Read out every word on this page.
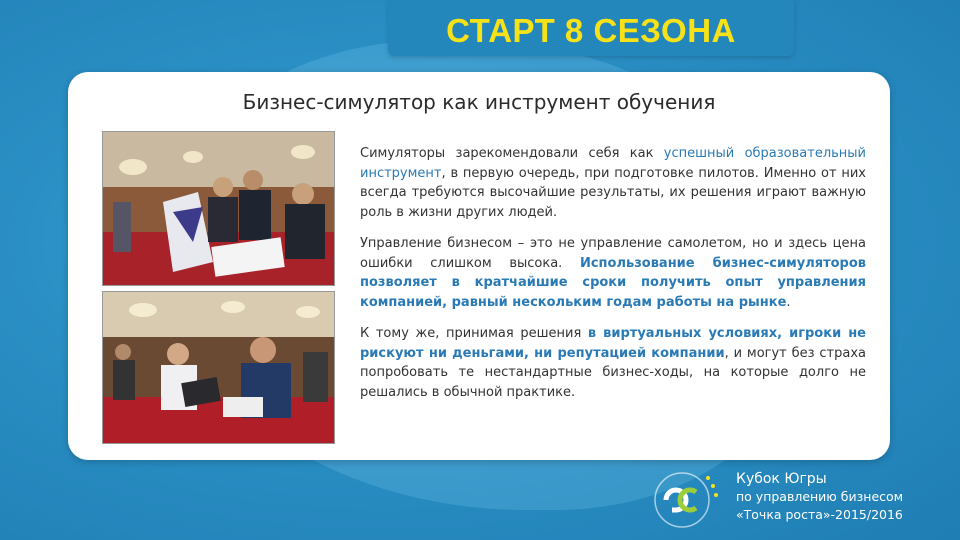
СТАРТ 8 СЕЗОНА
Бизнес-симулятор как инструмент обучения

Симуляторы зарекомендовали себя как успешный образовательный инструмент, в первую очередь, при подготовке пилотов. Именно от них всегда требуются высочайшие результаты, их решения играют важную роль в жизни других людей.

Управление бизнесом – это не управление самолетом, но и здесь цена ошибки слишком высока. Использование бизнес-симуляторов позволяет в кратчайшие сроки получить опыт управления компанией, равный нескольким годам работы на рынке.

К тому же, принимая решения в виртуальных условиях, игроки не рискуют ни деньгами, ни репутацией компании, и могут без страха попробовать те нестандартные бизнес-ходы, на которые долго не решались в обычной практике.

Кубок Югры
по управлению бизнесом
«Точка роста»-2015/2016
